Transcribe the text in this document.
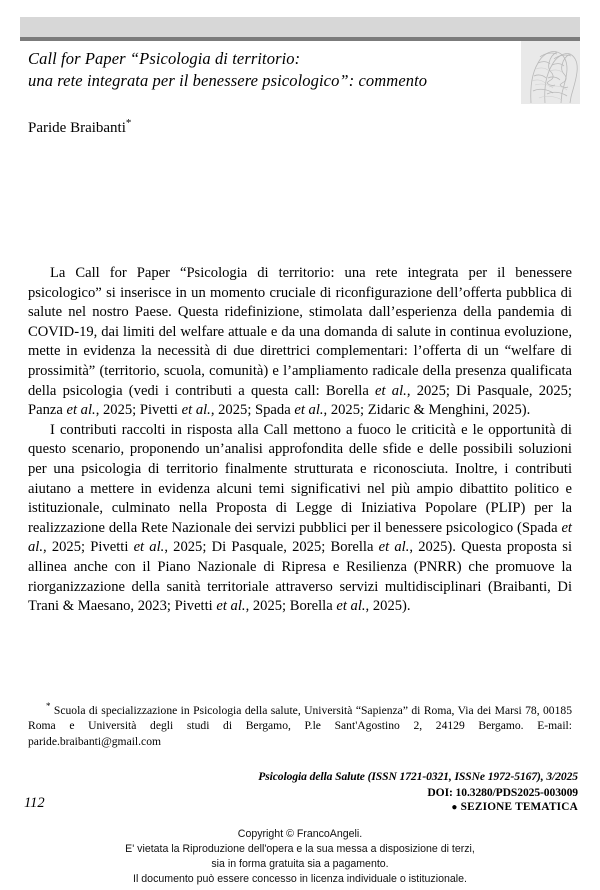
Call for Paper “Psicologia di territorio:
una rete integrata per il benessere psicologico”: commento
Paride Braibanti*

La Call for Paper “Psicologia di territorio: una rete integrata per il benessere psicologico” si inserisce in un momento cruciale di riconfigurazione dell’offerta pubblica di salute nel nostro Paese. Questa ridefinizione, stimolata dall’esperienza della pandemia di COVID-19, dai limiti del welfare attuale e da una domanda di salute in continua evoluzione, mette in evidenza la necessità di due direttrici complementari: l’offerta di un “welfare di prossimità” (territorio, scuola, comunità) e l’ampliamento radicale della presenza qualificata della psicologia (vedi i contributi a questa call: Borella et al., 2025; Di Pasquale, 2025; Panza et al., 2025; Pivetti et al., 2025; Spada et al., 2025; Zidaric & Menghini, 2025).

I contributi raccolti in risposta alla Call mettono a fuoco le criticità e le opportunità di questo scenario, proponendo un’analisi approfondita delle sfide e delle possibili soluzioni per una psicologia di territorio finalmente strutturata e riconosciuta. Inoltre, i contributi aiutano a mettere in evidenza alcuni temi significativi nel più ampio dibattito politico e istituzionale, culminato nella Proposta di Legge di Iniziativa Popolare (PLIP) per la realizzazione della Rete Nazionale dei servizi pubblici per il benessere psicologico (Spada et al., 2025; Pivetti et al., 2025; Di Pasquale, 2025; Borella et al., 2025). Questa proposta si allinea anche con il Piano Nazionale di Ripresa e Resilienza (PNRR) che promuove la riorganizzazione della sanità territoriale attraverso servizi multidisciplinari (Braibanti, Di Trani & Maesano, 2023; Pivetti et al., 2025; Borella et al., 2025).

* Scuola di specializzazione in Psicologia della salute, Università “Sapienza” di Roma, Via dei Marsi 78, 00185 Roma e Università degli studi di Bergamo, P.le Sant'Agostino 2, 24129 Bergamo. E-mail: paride.braibanti@gmail.com

Psicologia della Salute (ISSN 1721-0321, ISSNe 1972-5167), 3/2025
DOI: 10.3280/PDS2025-003009
● SEZIONE TEMATICA
112
Copyright © FrancoAngeli.
E' vietata la Riproduzione dell'opera e la sua messa a disposizione di terzi,
sia in forma gratuita sia a pagamento.
Il documento può essere concesso in licenza individuale o istituzionale.
